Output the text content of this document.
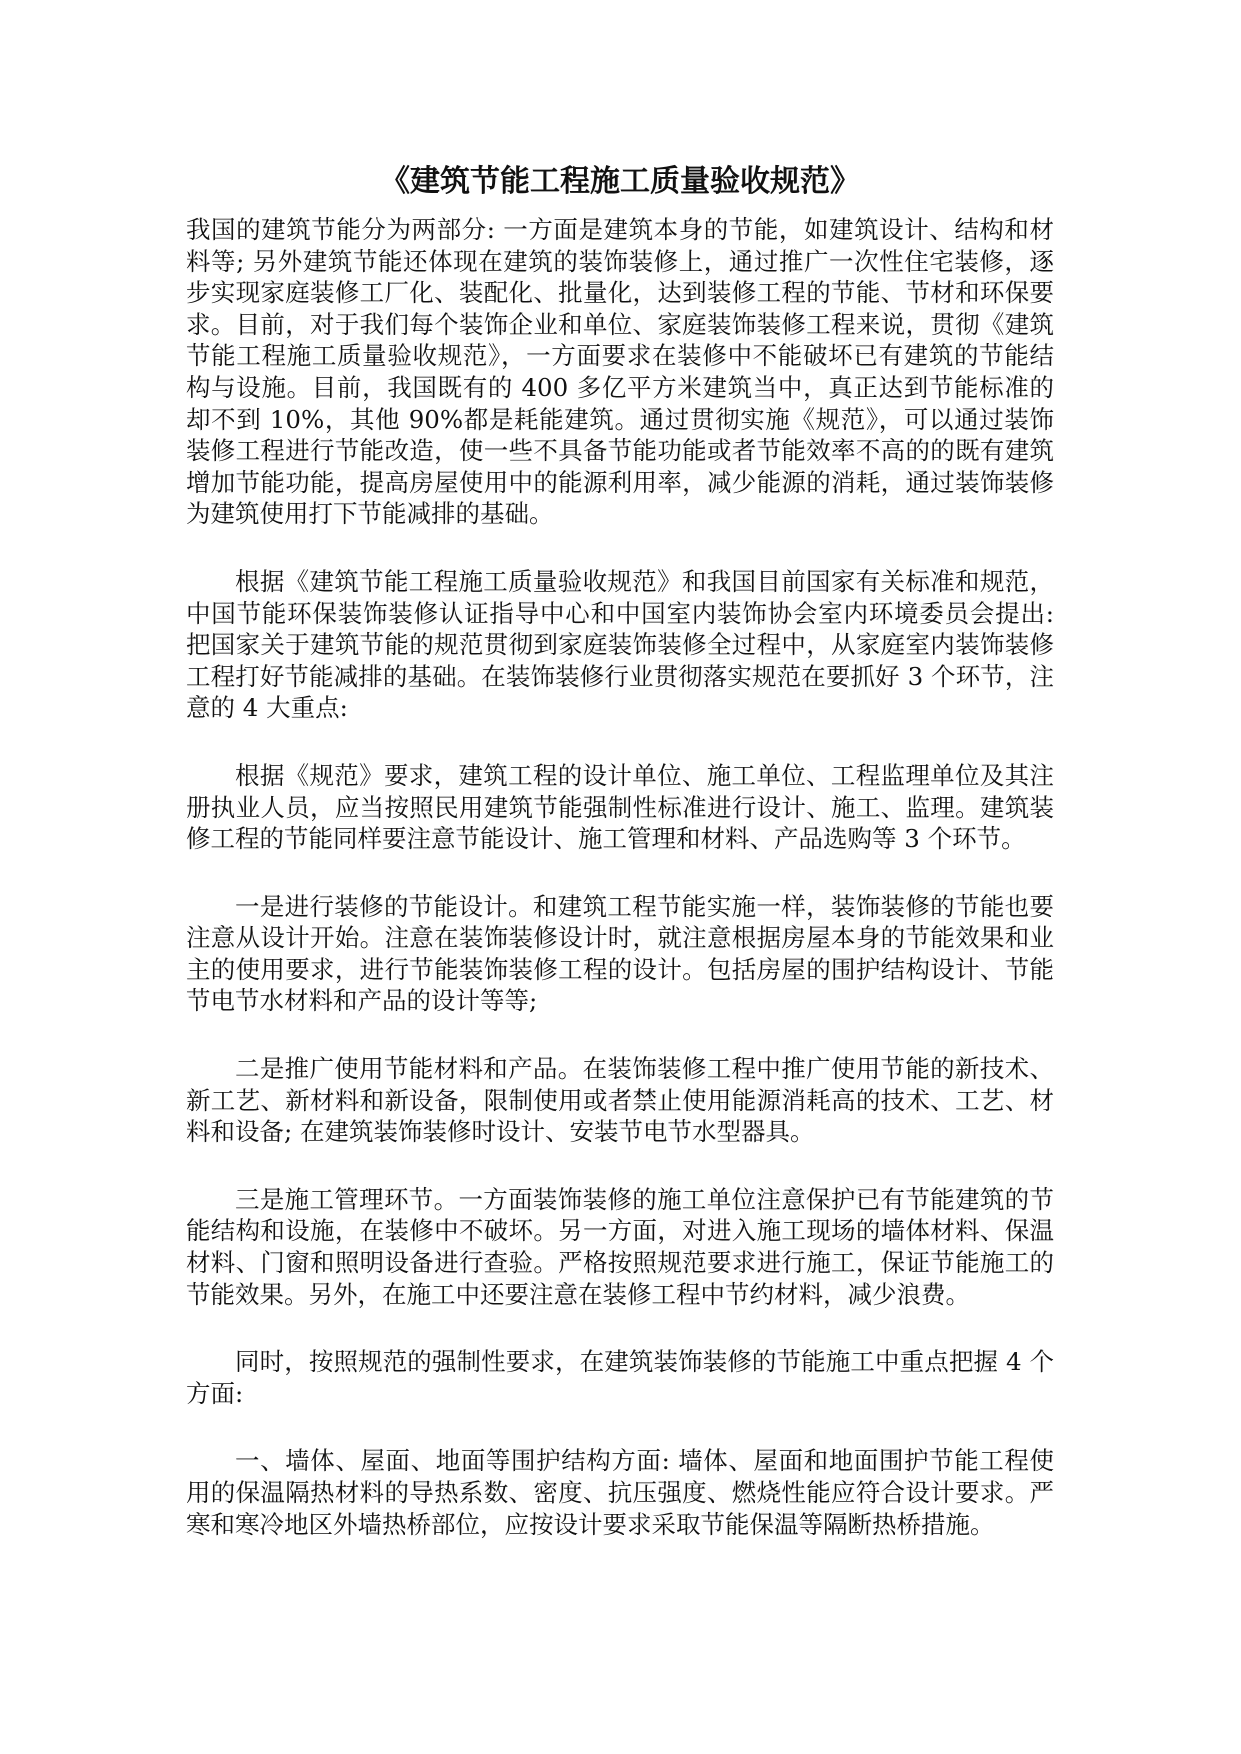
《建筑节能工程施工质量验收规范》

我国的建筑节能分为两部分: 一方面是建筑本身的节能，如建筑设计、结构和材料等; 另外建筑节能还体现在建筑的装饰装修上，通过推广一次性住宅装修，逐步实现家庭装修工厂化、装配化、批量化，达到装修工程的节能、节材和环保要求。目前，对于我们每个装饰企业和单位、家庭装饰装修工程来说，贯彻《建筑节能工程施工质量验收规范》，一方面要求在装修中不能破坏已有建筑的节能结构与设施。目前，我国既有的 400 多亿平方米建筑当中，真正达到节能标准的却不到 10%，其他 90%都是耗能建筑。通过贯彻实施《规范》，可以通过装饰装修工程进行节能改造，使一些不具备节能功能或者节能效率不高的的既有建筑增加节能功能，提高房屋使用中的能源利用率，减少能源的消耗，通过装饰装修为建筑使用打下节能减排的基础。

根据《建筑节能工程施工质量验收规范》和我国目前国家有关标准和规范，中国节能环保装饰装修认证指导中心和中国室内装饰协会室内环境委员会提出: 把国家关于建筑节能的规范贯彻到家庭装饰装修全过程中，从家庭室内装饰装修工程打好节能减排的基础。在装饰装修行业贯彻落实规范在要抓好 3 个环节，注意的 4 大重点:

根据《规范》要求，建筑工程的设计单位、施工单位、工程监理单位及其注册执业人员，应当按照民用建筑节能强制性标准进行设计、施工、监理。建筑装修工程的节能同样要注意节能设计、施工管理和材料、产品选购等 3 个环节。

一是进行装修的节能设计。和建筑工程节能实施一样，装饰装修的节能也要注意从设计开始。注意在装饰装修设计时，就注意根据房屋本身的节能效果和业主的使用要求，进行节能装饰装修工程的设计。包括房屋的围护结构设计、节能节电节水材料和产品的设计等等;

二是推广使用节能材料和产品。在装饰装修工程中推广使用节能的新技术、新工艺、新材料和新设备，限制使用或者禁止使用能源消耗高的技术、工艺、材料和设备; 在建筑装饰装修时设计、安装节电节水型器具。

三是施工管理环节。一方面装饰装修的施工单位注意保护已有节能建筑的节能结构和设施，在装修中不破坏。另一方面，对进入施工现场的墙体材料、保温材料、门窗和照明设备进行查验。严格按照规范要求进行施工，保证节能施工的节能效果。另外，在施工中还要注意在装修工程中节约材料，减少浪费。

同时，按照规范的强制性要求，在建筑装饰装修的节能施工中重点把握 4 个方面:

一、墙体、屋面、地面等围护结构方面: 墙体、屋面和地面围护节能工程使用的保温隔热材料的导热系数、密度、抗压强度、燃烧性能应符合设计要求。严寒和寒冷地区外墙热桥部位，应按设计要求采取节能保温等隔断热桥措施。
